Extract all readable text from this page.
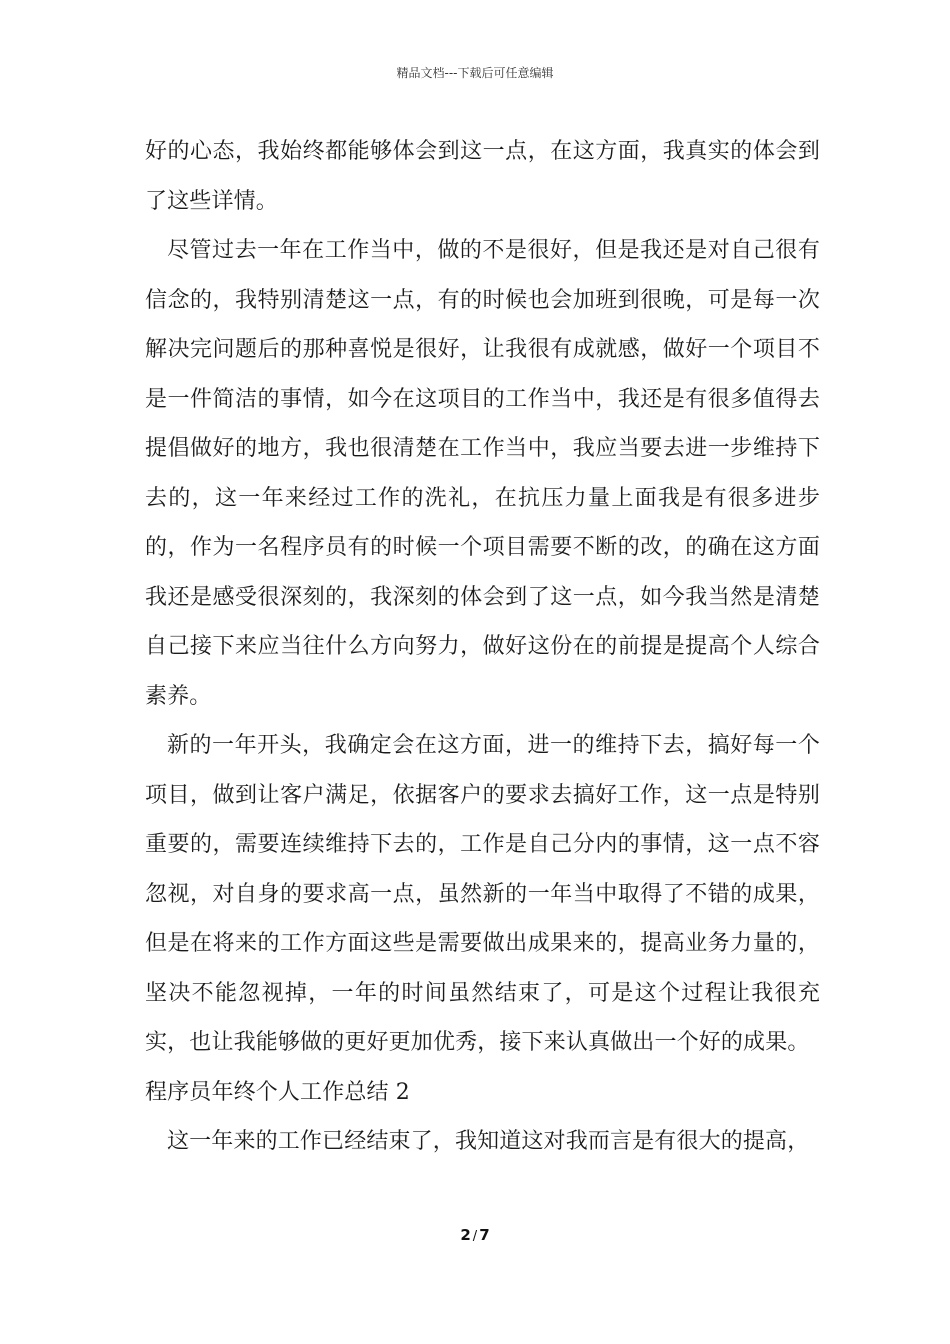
精品文档---下载后可任意编辑

好的心态，我始终都能够体会到这一点，在这方面，我真实的体会到了这些详情。

尽管过去一年在工作当中，做的不是很好，但是我还是对自己很有信念的，我特别清楚这一点，有的时候也会加班到很晚，可是每一次解决完问题后的那种喜悦是很好，让我很有成就感，做好一个项目不是一件简洁的事情，如今在这项目的工作当中，我还是有很多值得去提倡做好的地方，我也很清楚在工作当中，我应当要去进一步维持下去的，这一年来经过工作的洗礼，在抗压力量上面我是有很多进步的，作为一名程序员有的时候一个项目需要不断的改，的确在这方面我还是感受很深刻的，我深刻的体会到了这一点，如今我当然是清楚自己接下来应当往什么方向努力，做好这份在的前提是提高个人综合素养。

新的一年开头，我确定会在这方面，进一的维持下去，搞好每一个项目，做到让客户满足，依据客户的要求去搞好工作，这一点是特别重要的，需要连续维持下去的，工作是自己分内的事情，这一点不容忽视，对自身的要求高一点，虽然新的一年当中取得了不错的成果，但是在将来的工作方面这些是需要做出成果来的，提高业务力量的，坚决不能忽视掉，一年的时间虽然结束了，可是这个过程让我很充实，也让我能够做的更好更加优秀，接下来认真做出一个好的成果。

程序员年终个人工作总结 2

这一年来的工作已经结束了，我知道这对我而言是有很大的提高，

2 / 7
